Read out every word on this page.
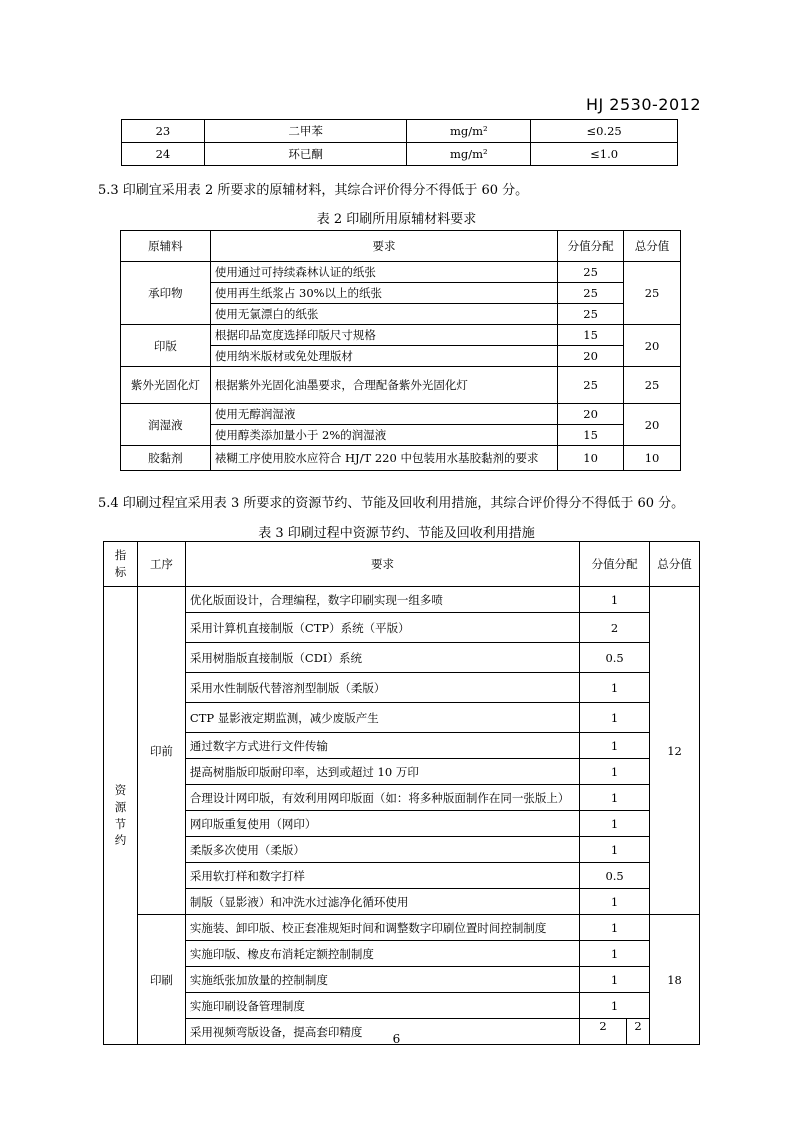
HJ 2530-2012
23	二甲苯	mg/m²	≤0.25
24	环已酮	mg/m²	≤1.0
5.3 印刷宜采用表 2 所要求的原辅材料，其综合评价得分不得低于 60 分。
表 2 印刷所用原辅材料要求
原辅料	要求	分值分配	总分值
承印物	使用通过可持续森林认证的纸张	25	25
	使用再生纸浆占 30%以上的纸张	25	
	使用无氯漂白的纸张	25	
印版	根据印品宽度选择印版尺寸规格	15	20
	使用纳米版材或免处理版材	20	
紫外光固化灯	根据紫外光固化油墨要求，合理配备紫外光固化灯	25	25
润湿液	使用无醇润湿液	20	20
	使用醇类添加量小于 2%的润湿液	15	
胶黏剂	裱糊工序使用胶水应符合 HJ/T 220 中包装用水基胶黏剂的要求	10	10
5.4 印刷过程宜采用表 3 所要求的资源节约、节能及回收利用措施，其综合评价得分不得低于 60 分。
表 3 印刷过程中资源节约、节能及回收利用措施
指
标	工序	要求	分值分配	总分值
资
源
节
约	印前	优化版面设计，合理编程，数字印刷实现一组多喷	1	12
		采用计算机直接制版（CTP）系统（平版）	2	
		采用树脂版直接制版（CDI）系统	0.5	
		采用水性制版代替溶剂型制版（柔版）	1	
		CTP 显影液定期监测，减少废版产生	1	
		通过数字方式进行文件传输	1	
		提高树脂版印版耐印率，达到或超过 10 万印	1	
		合理设计网印版，有效利用网印版面（如：将多种版面制作在同一张版上）	1	
		网印版重复使用（网印）	1	
		柔版多次使用（柔版）	1	
		采用软打样和数字打样	0.5	
		制版（显影液）和冲洗水过滤净化循环使用	1	
	印刷	实施装、卸印版、校正套准规矩时间和调整数字印刷位置时间控制制度	1	18
		实施印版、橡皮布消耗定额控制制度	1	
		实施纸张加放量的控制制度	1	
		实施印刷设备管理制度	1	
		采用视频弯版设备，提高套印精度	2 2	
6
